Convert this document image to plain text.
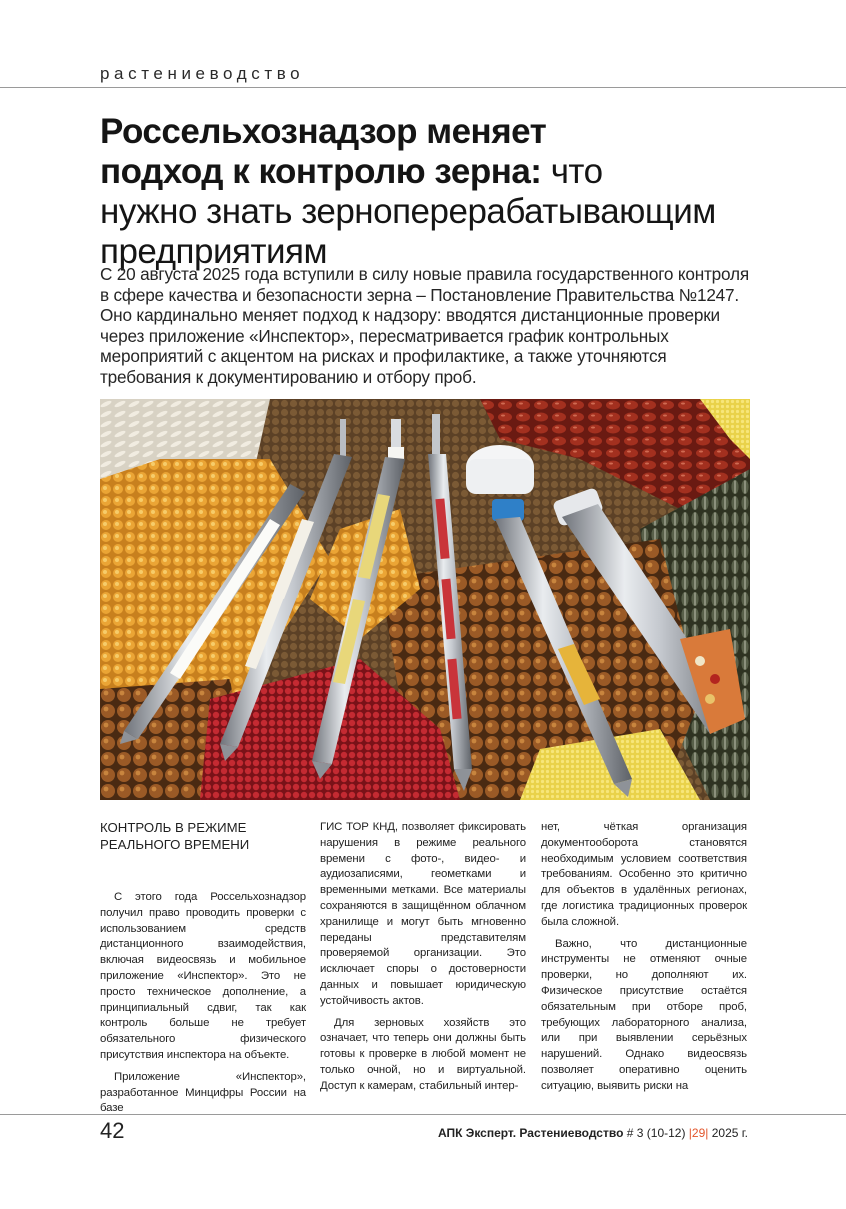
растениеводство
Россельхознадзор меняет
подход к контролю зерна: что
нужно знать зерноперерабатывающим
предприятиям

С 20 августа 2025 года вступили в силу новые правила государственного контроля в сфере качества и безопасности зерна – Постановление Правительства №1247. Оно кардинально меняет подход к надзору: вводятся дистанционные проверки через приложение «Инспектор», пересматривается график контрольных мероприятий с акцентом на рисках и профилактике, а также уточняются требования к документированию и отбору проб.

КОНТРОЛЬ В РЕЖИМЕ РЕАЛЬНОГО ВРЕМЕНИ

С этого года Россельхознадзор получил право проводить проверки с использованием средств дистанционного взаимодействия, включая видеосвязь и мобильное приложение «Инспектор». Это не просто техническое дополнение, а принципиальный сдвиг, так как контроль больше не требует обязательного физического присутствия инспектора на объекте.

Приложение «Инспектор», разработанное Минцифры России на базе

ГИС ТОР КНД, позволяет фиксировать нарушения в режиме реального времени с фото-, видео- и аудиозаписями, геометками и временными метками. Все материалы сохраняются в защищённом облачном хранилище и могут быть мгновенно переданы представителям проверяемой организации. Это исключает споры о достоверности данных и повышает юридическую устойчивость актов.

Для зерновых хозяйств это означает, что теперь они должны быть готовы к проверке в любой момент не только очной, но и виртуальной. Доступ к камерам, стабильный интер-

нет, чёткая организация документооборота становятся необходимым условием соответствия требованиям. Особенно это критично для объектов в удалённых регионах, где логистика традиционных проверок была сложной.

Важно, что дистанционные инструменты не отменяют очные проверки, но дополняют их. Физическое присутствие остаётся обязательным при отборе проб, требующих лабораторного анализа, или при выявлении серьёзных нарушений. Однако видеосвязь позволяет оперативно оценить ситуацию, выявить риски на

42	АПК Эксперт. Растениеводство # 3 (10-12) |29| 2025 г.
